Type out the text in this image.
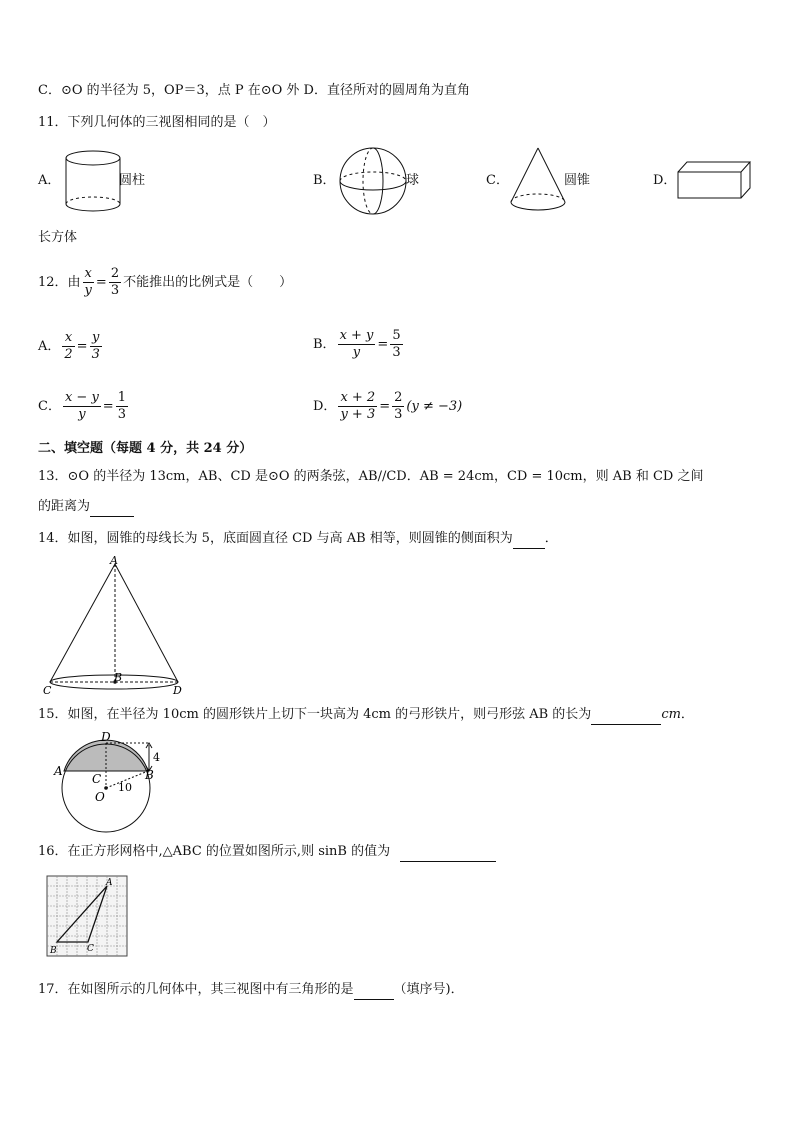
C．⊙O 的半径为 5，OP＝3，点 P 在⊙O 外 D．直径所对的圆周角为直角
11．下列几何体的三视图相同的是（　）
A．	圆柱	B．	球	C．	圆锥	D．
长方体
12．由 $\frac{x}{y} = \frac{2}{3}$ 不能推出的比例式是（　　）
A． $\frac{x}{2} = \frac{y}{3}$	B． $\frac{x + y}{y} = \frac{5}{3}$
C． $\frac{x - y}{y} = \frac{1}{3}$	D． $\frac{x + 2}{y + 3} = \frac{2}{3} (y \ne -3)$
二、填空题（每题 4 分，共 24 分）
13．⊙O 的半径为 13cm，AB、CD 是⊙O 的两条弦，AB//CD．AB = 24cm，CD = 10cm，则 AB 和 CD 之间
的距离为
14．如图，圆锥的母线长为 5，底面圆直径 CD 与高 AB 相等，则圆锥的侧面积为 ．
A
B
C	D
15．如图，在半径为 10cm 的圆形铁片上切下一块高为 4cm 的弓形铁片，则弓形弦 AB 的长为	cm．
D
A	B
C
O
10
4
16．在正方形网格中,△ABC 的位置如图所示,则 sinB 的值为
A
B	C
17．在如图所示的几何体中，其三视图中有三角形的是	（填序号)．
